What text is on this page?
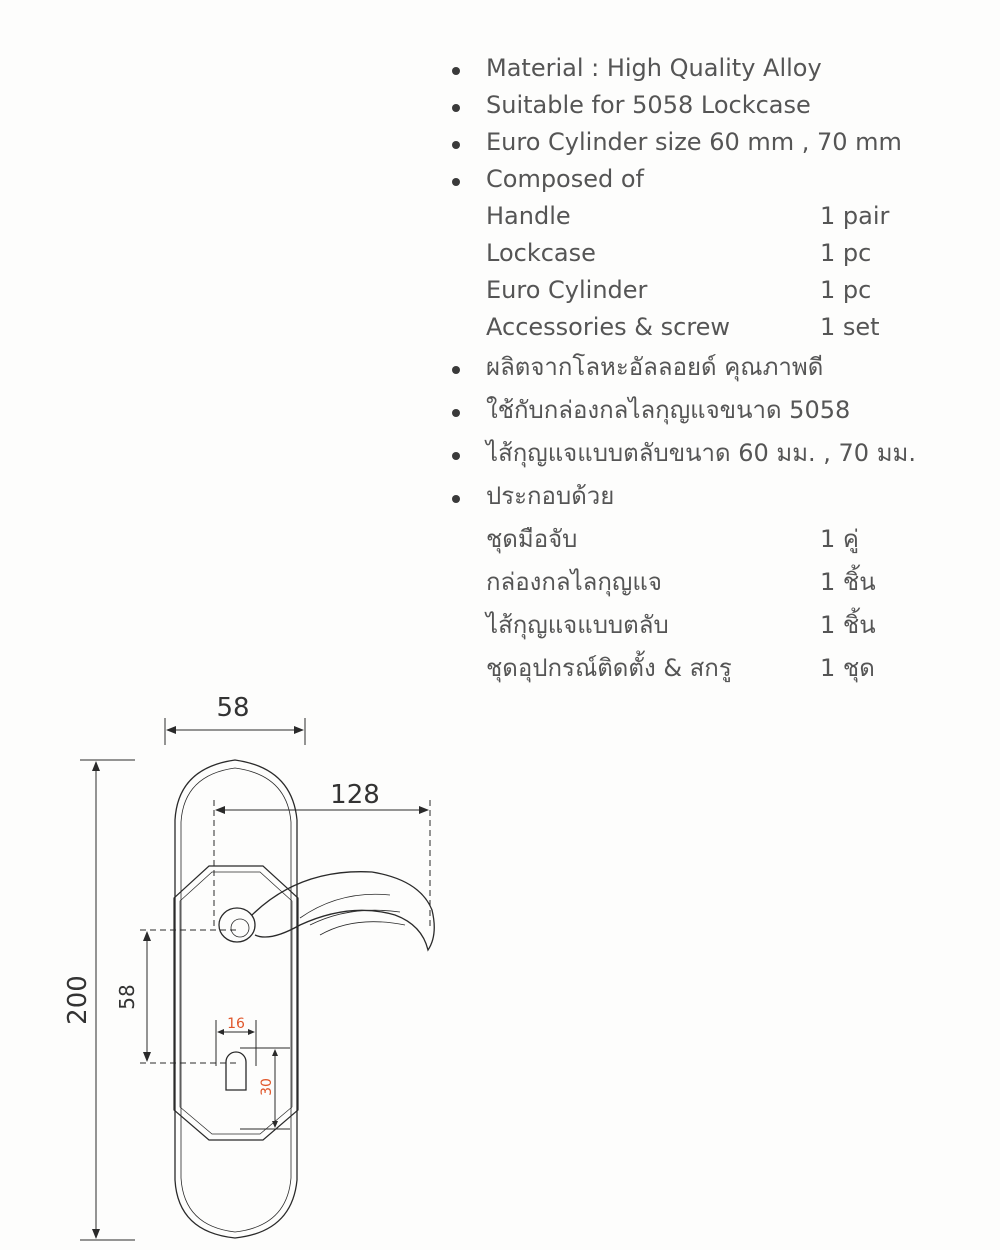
Material : High Quality Alloy
Suitable for 5058 Lockcase
Euro Cylinder size 60 mm , 70 mm
Composed of
Handle	1 pair
Lockcase	1 pc
Euro Cylinder	1 pc
Accessories & screw	1 set
ผลิตจากโลหะอัลลอยด์ คุณภาพดี
ใช้กับกล่องกลไลกุญแจขนาด 5058
ไส้กุญแจแบบตลับขนาด 60 มม. , 70 มม.
ประกอบด้วย
ชุดมือจับ	1 คู่
กล่องกลไลกุญแจ	1 ชิ้น
ไส้กุญแจแบบตลับ	1 ชิ้น
ชุดอุปกรณ์ติดตั้ง & สกรู	1 ชุด
58
128
200 58
16
30
